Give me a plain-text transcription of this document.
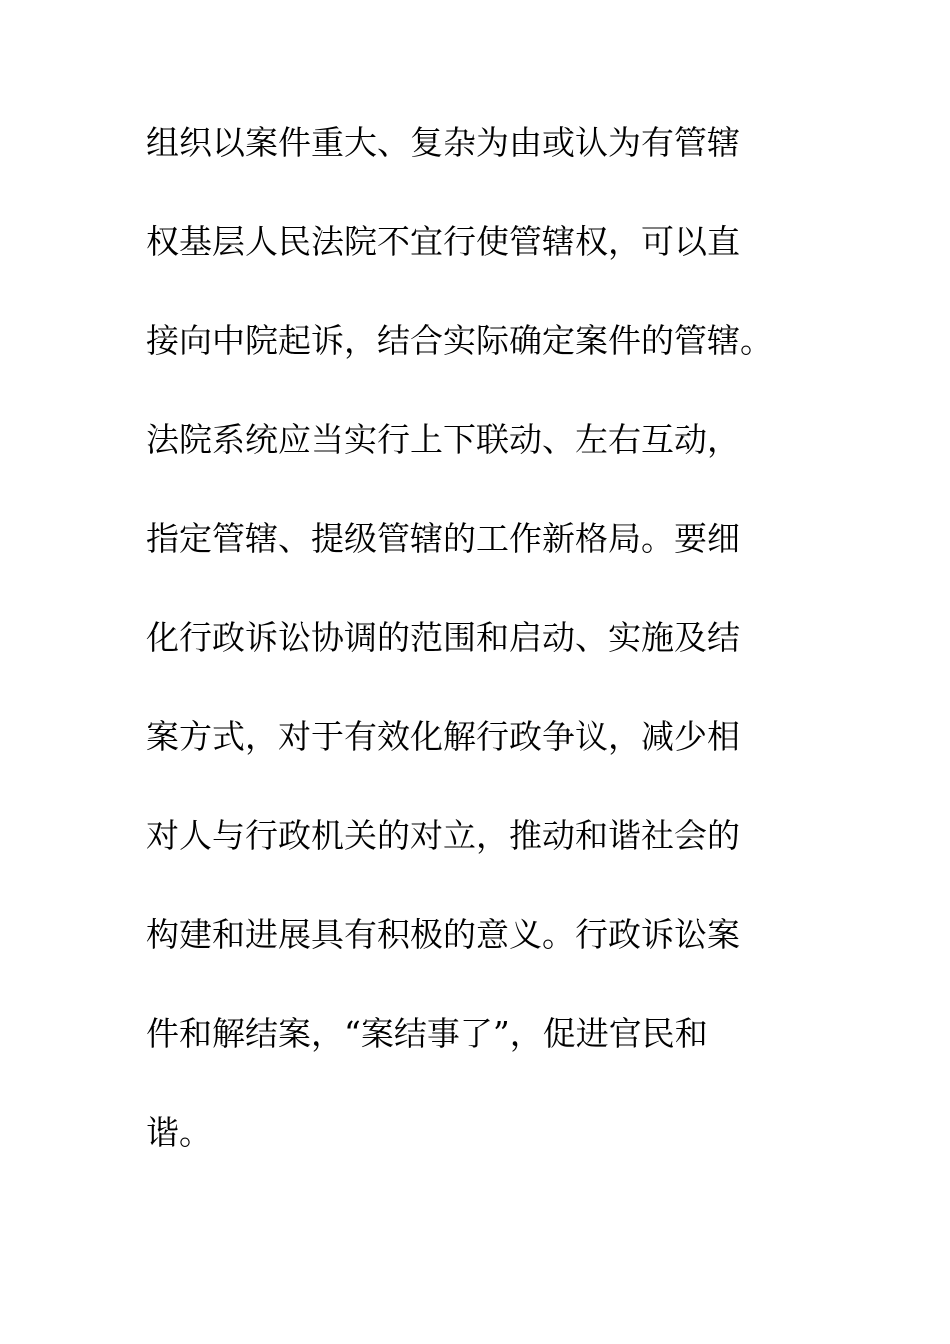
组织以案件重大、复杂为由或认为有管辖
权基层人民法院不宜行使管辖权，可以直
接向中院起诉，结合实际确定案件的管辖。
法院系统应当实行上下联动、左右互动，
指定管辖、提级管辖的工作新格局。要细
化行政诉讼协调的范围和启动、实施及结
案方式，对于有效化解行政争议，减少相
对人与行政机关的对立，推动和谐社会的
构建和进展具有积极的意义。行政诉讼案
件和解结案，“案结事了”，促进官民和
谐。
